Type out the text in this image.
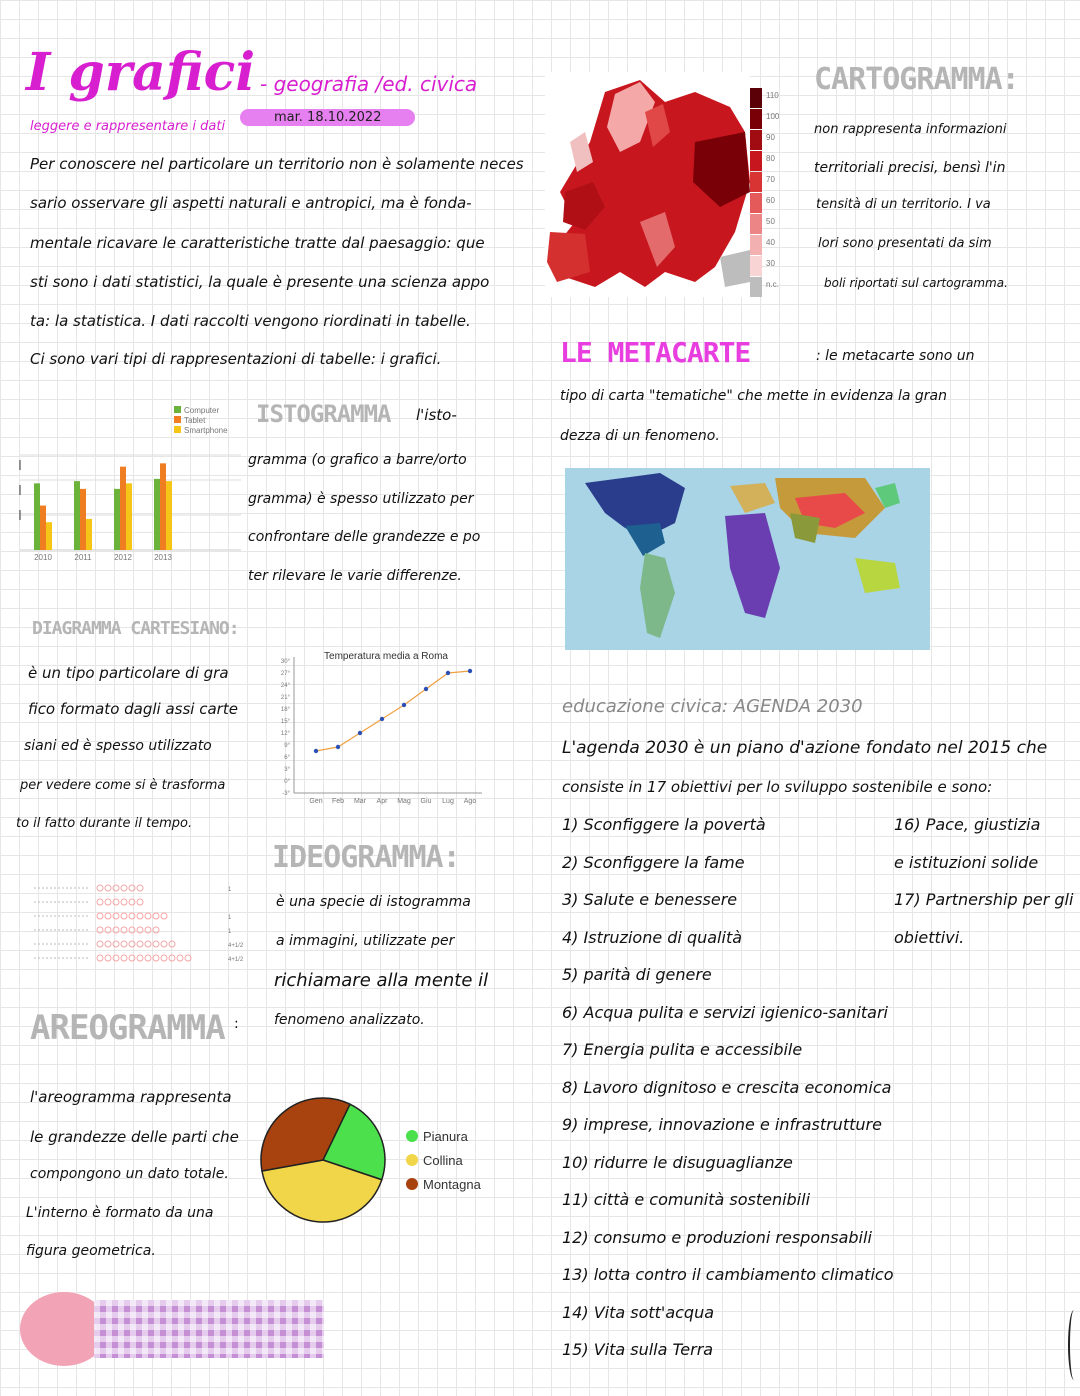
I grafici - geografia /ed. civica
mar. 18.10.2022
leggere e rappresentare i dati
Per conoscere nel particolare un territorio non è solamente neces
sario osservare gli aspetti naturali e antropici, ma è fonda-
mentale ricavare le caratteristiche tratte dal paesaggio: que
sti sono i dati statistici, la quale è presente una scienza appo
ta: la statistica. I dati raccolti vengono riordinati in tabelle.
Ci sono vari tipi di rappresentazioni di tabelle: i grafici.
Computer
Tablet
Smartphone
2010	2011	2012	2013
ISTOGRAMMA l'isto-
gramma (o grafico a barre/orto
gramma) è spesso utilizzato per
confrontare delle grandezze e po
ter rilevare le varie differenze.
DIAGRAMMA CARTESIANO:
è un tipo particolare di gra
fico formato dagli assi carte
siani ed è spesso utilizzato
per vedere come si è trasforma
to il fatto durante il tempo.
Temperatura media a Roma
30°
27°
24°
21°
18°
15°
12°
9°
6°
3°
0°
-3°
Gen Feb Mar Apr Mag Giu Lug Ago
IDEOGRAMMA:
è una specie di istogramma
a immagini, utilizzate per
richiamare alla mente il
fenomeno analizzato.
1
1
1
4+1/2
4+1/2
AREOGRAMMA :
l'areogramma rappresenta
le grandezze delle parti che
compongono un dato totale.
L'interno è formato da una
figura geometrica.
Pianura
Collina
Montagna
110
100
90
80
70
60
50
40
30
n.c.
CARTOGRAMMA:
non rappresenta informazioni
territoriali precisi, bensì l'in
tensità di un territorio. I va
lori sono presentati da sim
boli riportati sul cartogramma.
LE METACARTE	: le metacarte sono un
tipo di carta "tematiche" che mette in evidenza la gran
dezza di un fenomeno.
educazione civica: AGENDA 2030
L'agenda 2030 è un piano d'azione fondato nel 2015 che
consiste in 17 obiettivi per lo sviluppo sostenibile e sono:
1) Sconfiggere la povertà
2) Sconfiggere la fame
3) Salute e benessere
4) Istruzione di qualità
5) parità di genere
6) Acqua pulita e servizi igienico-sanitari
7) Energia pulita e accessibile
8) Lavoro dignitoso e crescita economica
9) imprese, innovazione e infrastrutture
10) ridurre le disuguaglianze
11) città e comunità sostenibili
12) consumo e produzioni responsabili
13) lotta contro il cambiamento climatico
14) Vita sott'acqua
15) Vita sulla Terra
16) Pace, giustizia
e istituzioni solide
17) Partnership per gli
obiettivi.
